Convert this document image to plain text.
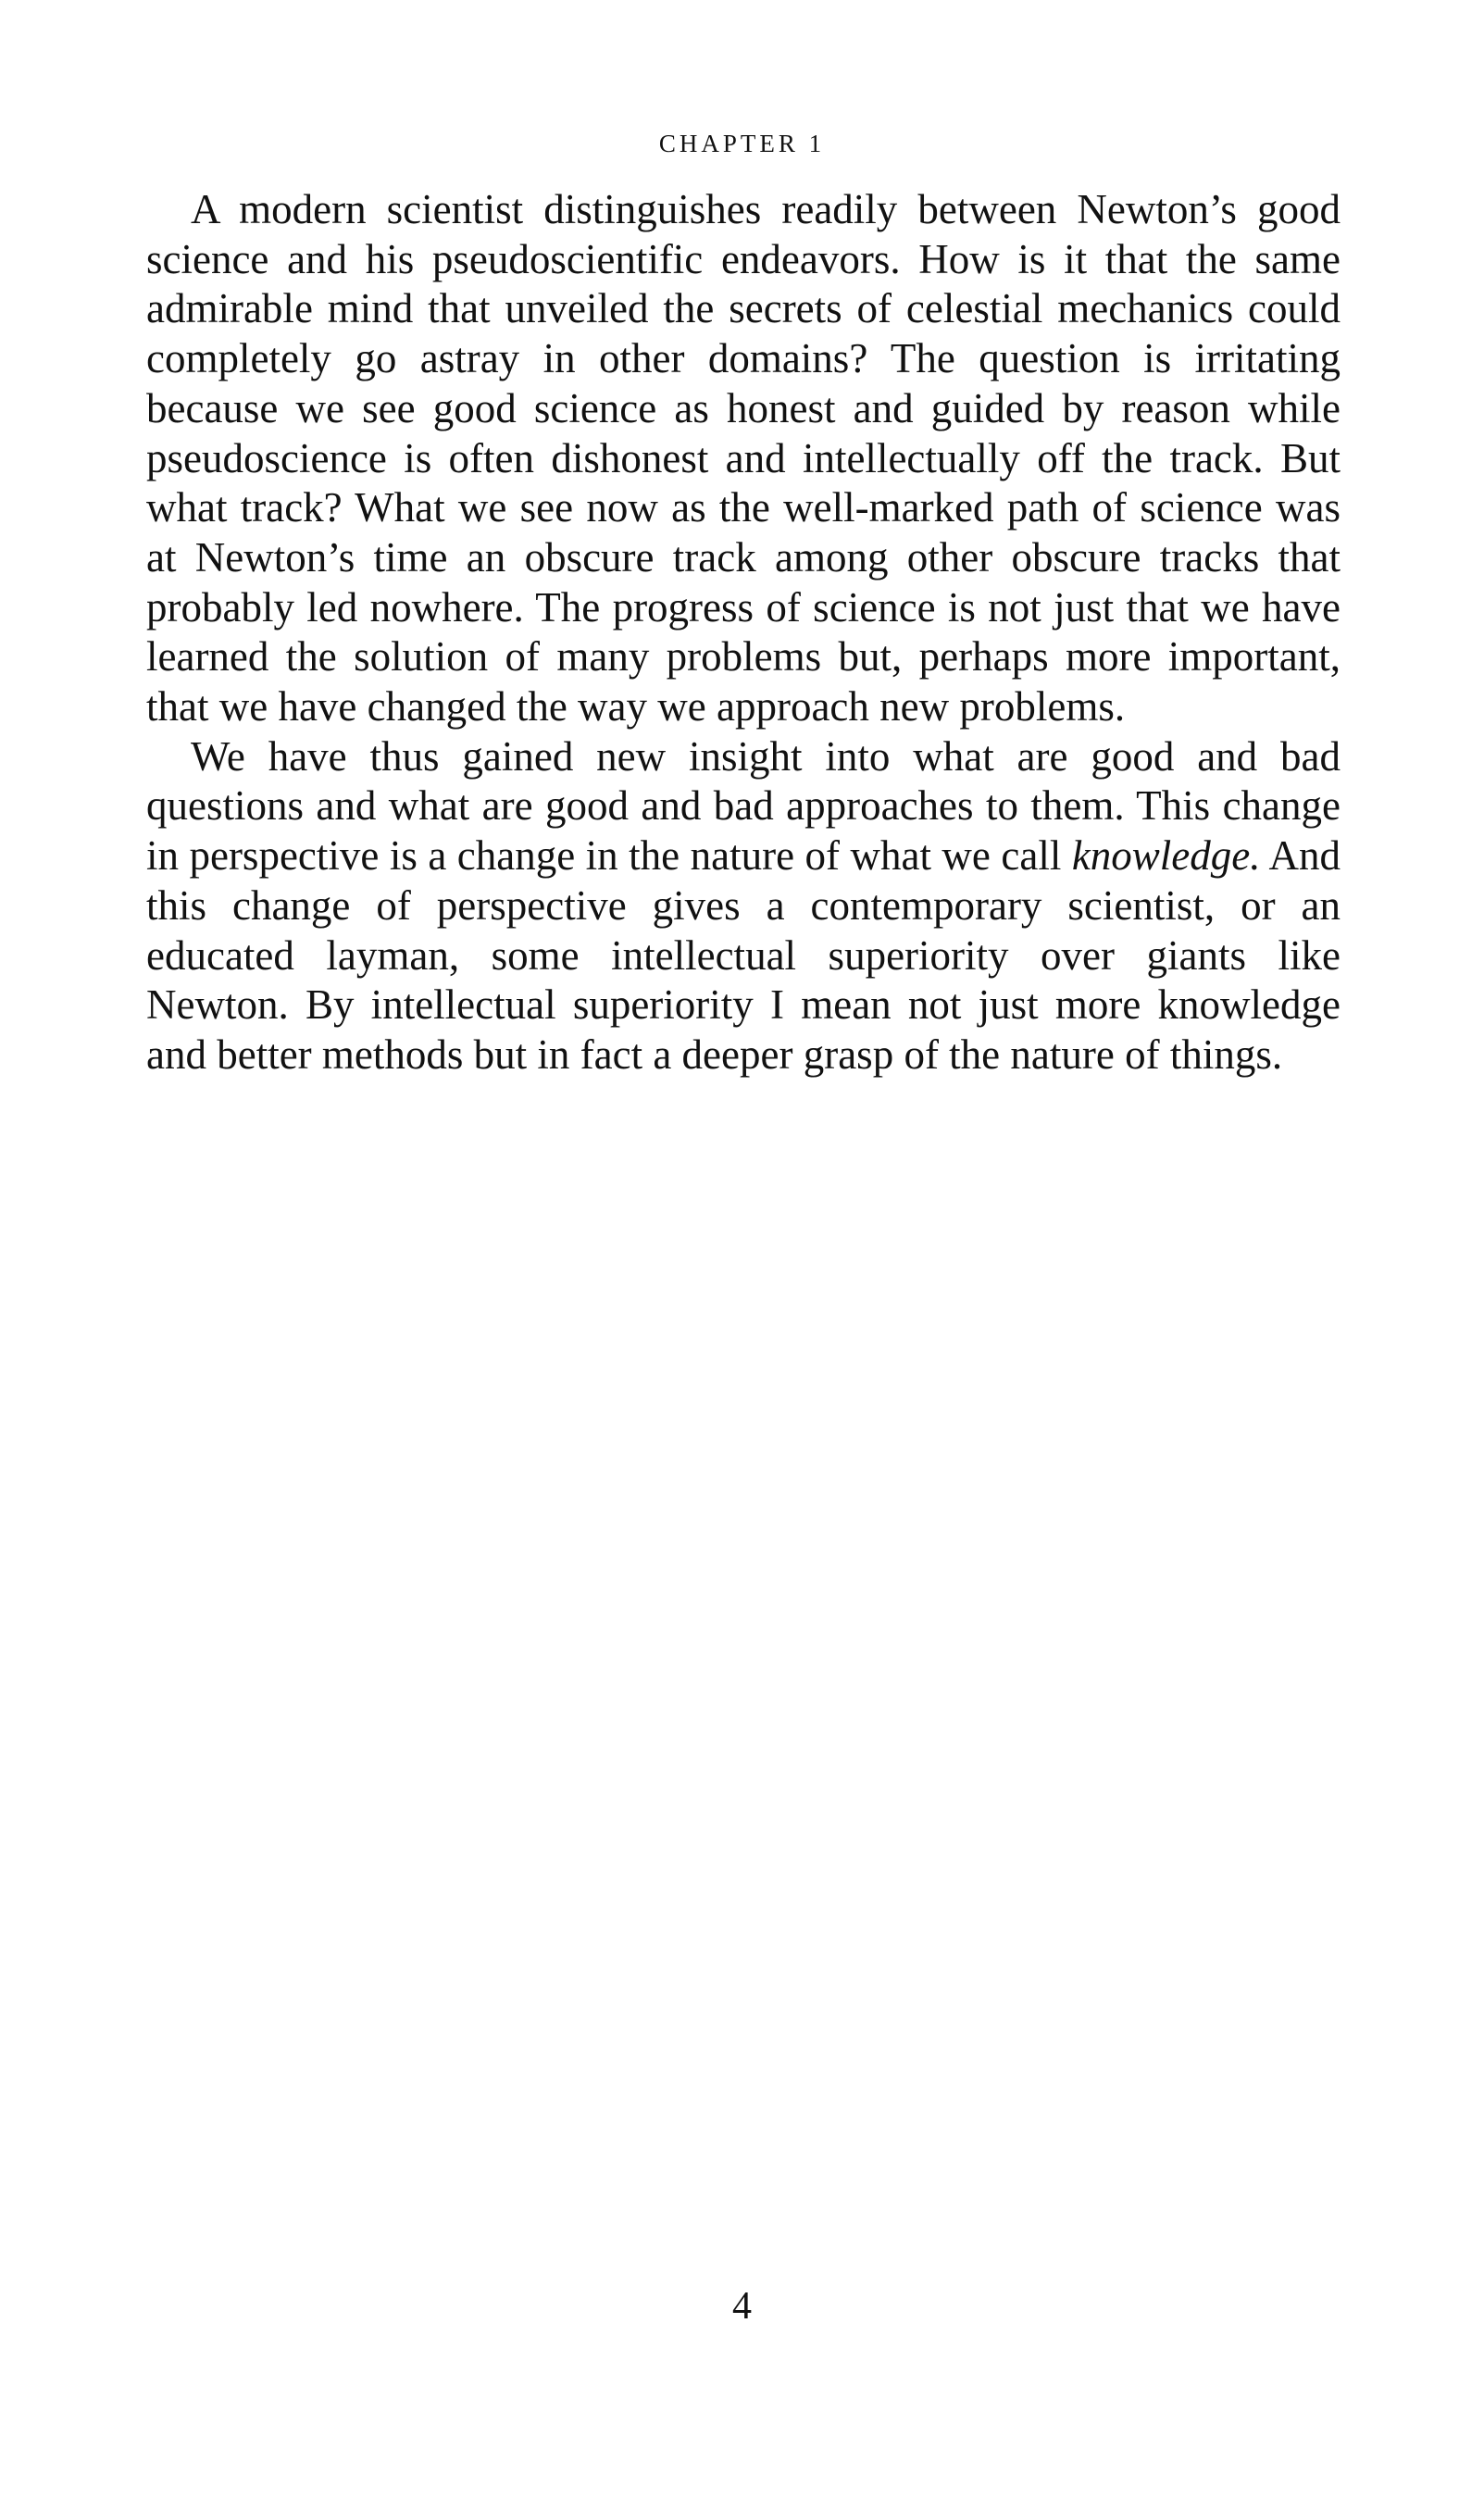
CHAPTER 1

A modern scientist distinguishes readily between Newton’s good science and his pseudoscientific endeavors. How is it that the same admirable mind that unveiled the secrets of celestial mechanics could completely go astray in other domains? The question is irritating because we see good science as honest and guided by reason while pseudoscience is often dishonest and intellectually off the track. But what track? What we see now as the well-marked path of science was at Newton’s time an obscure track among other obscure tracks that probably led nowhere. The progress of science is not just that we have learned the solution of many problems but, perhaps more important, that we have changed the way we approach new problems.

We have thus gained new insight into what are good and bad questions and what are good and bad approaches to them. This change in perspective is a change in the nature of what we call knowledge. And this change of perspective gives a contemporary scientist, or an educated layman, some intellectual superiority over giants like Newton. By intellectual superiority I mean not just more knowledge and better methods but in fact a deeper grasp of the nature of things.

4
